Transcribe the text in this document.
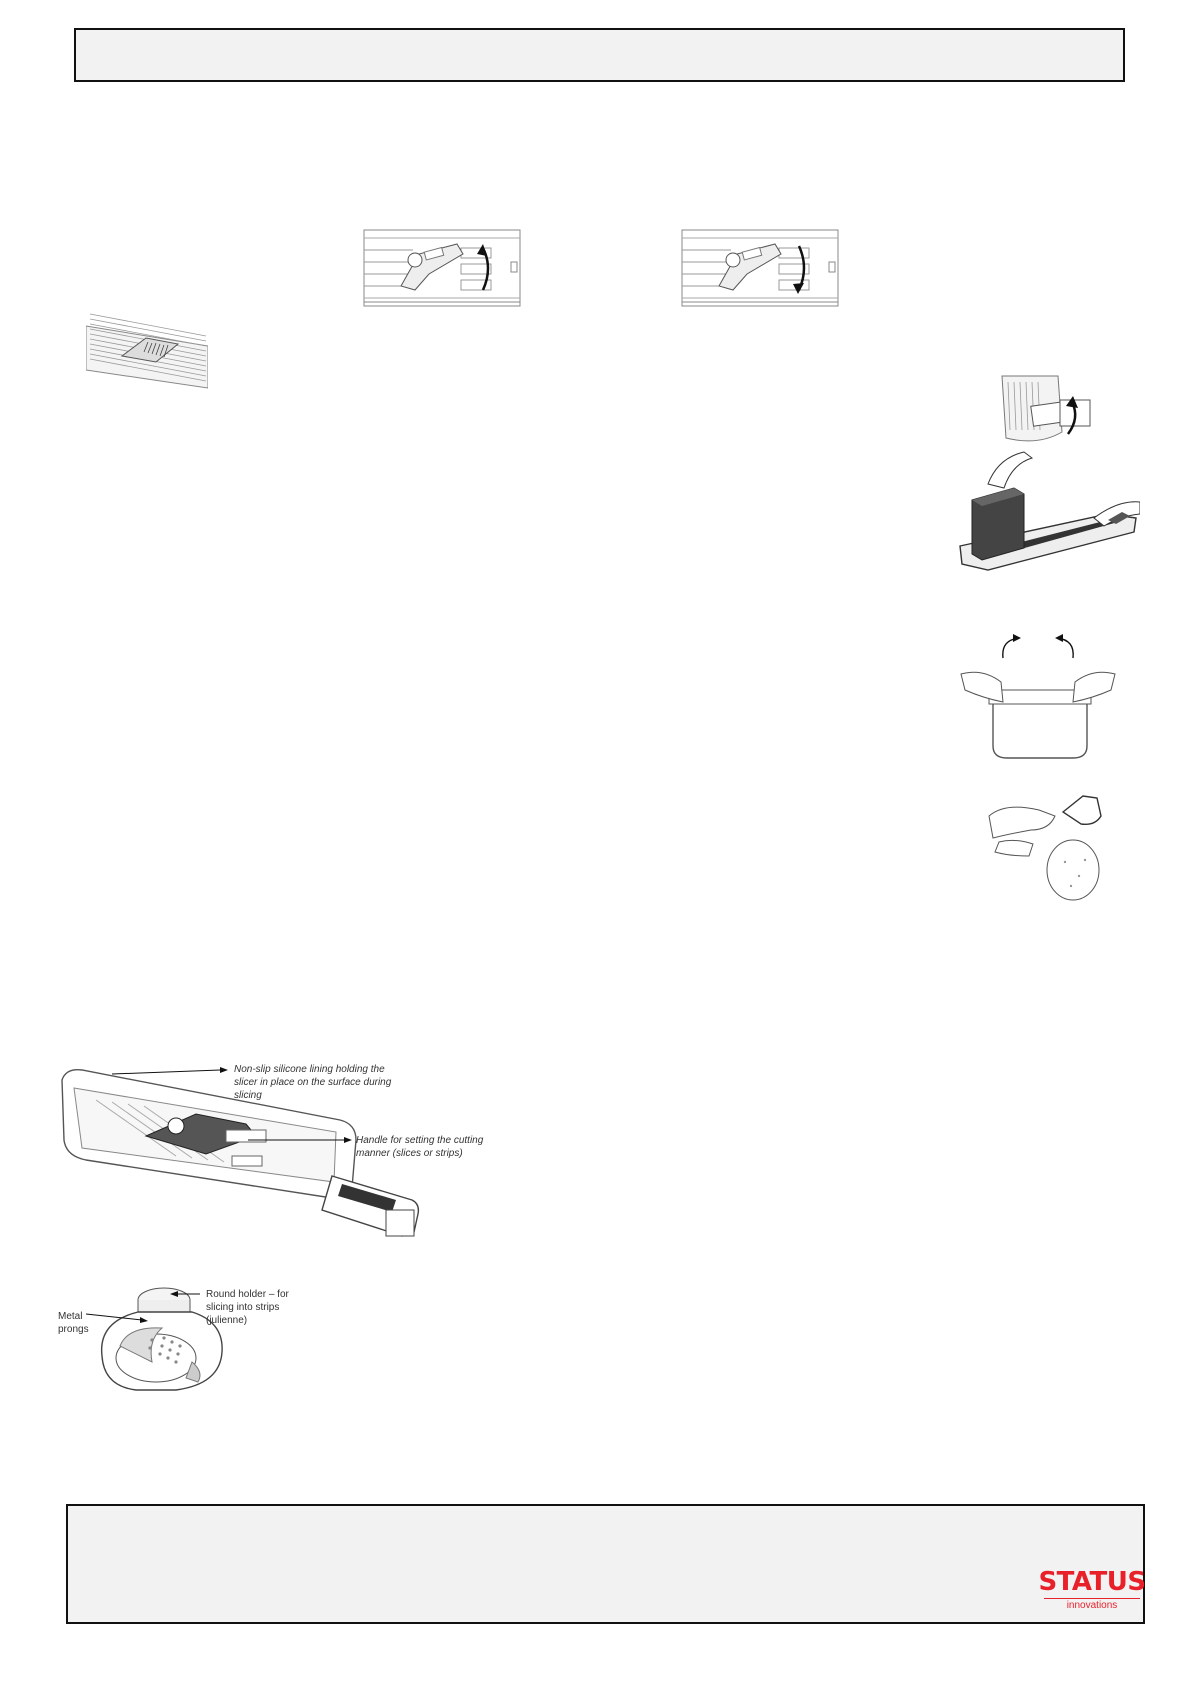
Non-slip silicone lining holding the slicer in place on the surface during slicing
Handle for setting the cutting manner (slices or strips)
Round holder – for slicing into strips (julienne)
Metal prongs
STATUS
innovations
